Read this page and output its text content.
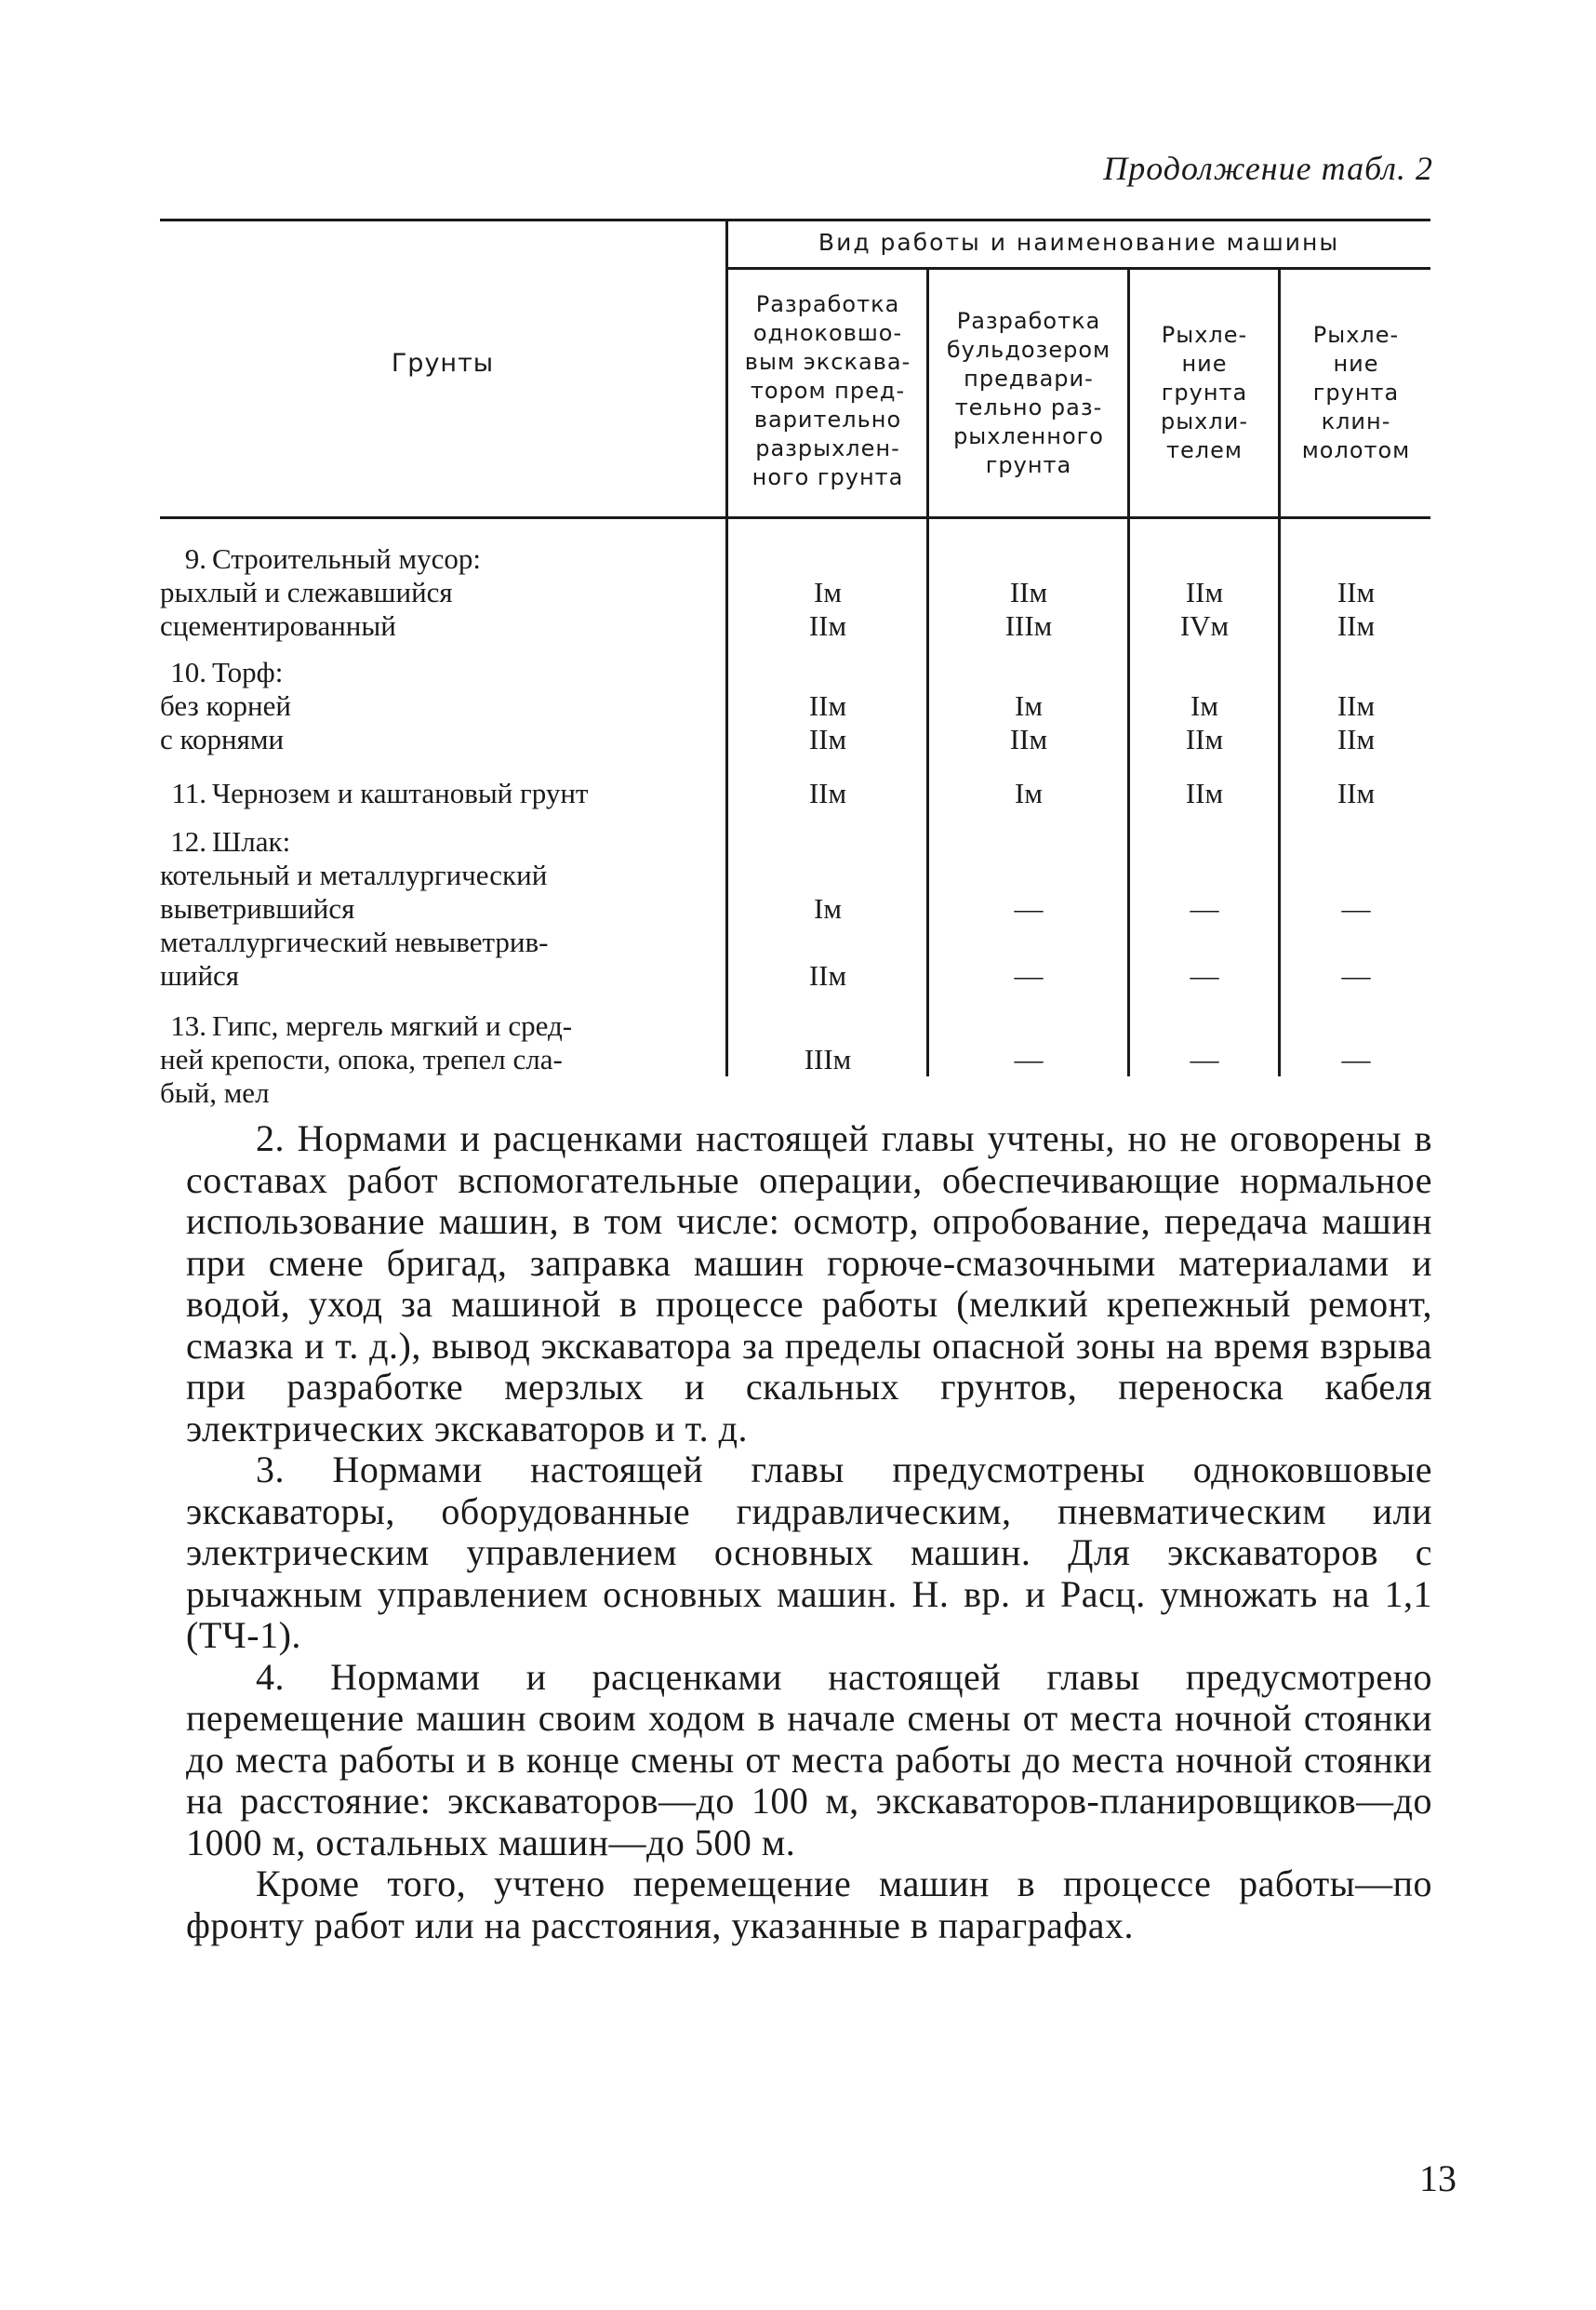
Продолжение табл. 2
Вид работы и наименование машины
Грунты
Разработка
одноковшо-
вым экскава-
тором пред-
варительно
разрыхлен-
ного грунта
Разработка
бульдозером
предвари-
тельно раз-
рыхленного
грунта
Рыхле-
ние
грунта
рыхли-
телем
Рыхле-
ние
грунта
клин-
молотом
9. Строительный мусор:
рыхлый и слежавшийся	Iм	IIм	IIм	IIм
сцементированный	IIм	IIIм	IVм	IIм
10. Торф:
без корней	IIм	Iм	Iм	IIм
с корнями	IIм	IIм	IIм	IIм
11. Чернозем и каштановый грунт	IIм	Iм	IIм	IIм
12. Шлак:
котельный и металлургический
выветрившийся	Iм	—	—	—
металлургический невыветрив-
шийся	IIм	—	—	—
13. Гипс, мергель мягкий и сред-
ней крепости, опока, трепел сла-
бый, мел
IIIм	—	—	—

2. Нормами и расценками настоящей главы учтены, но не оговорены в составах работ вспомогательные операции, обеспечивающие нормальное использование машин, в том числе: осмотр, опробование, передача машин при смене бригад, заправка машин горюче-смазочными материалами и водой, уход за машиной в процессе работы (мелкий крепежный ремонт, смазка и т. д.), вывод экскаватора за пределы опасной зоны на время взрыва при разработке мерзлых и скальных грунтов, переноска кабеля электрических экскаваторов и т. д.

3. Нормами настоящей главы предусмотрены одноковшовые экскаваторы, оборудованные гидравлическим, пневматическим или электрическим управлением основных машин. Для экскаваторов с рычажным управлением основных машин. Н. вр. и Расц. умножать на 1,1 (ТЧ-1).

4. Нормами и расценками настоящей главы предусмотрено перемещение машин своим ходом в начале смены от места ночной стоянки до места работы и в конце смены от места работы до места ночной стоянки на расстояние: экскаваторов—до 100 м, экскаваторов-планировщиков—до 1000 м, остальных машин—до 500 м.

Кроме того, учтено перемещение машин в процессе работы—по фронту работ или на расстояния, указанные в параграфах.

13
